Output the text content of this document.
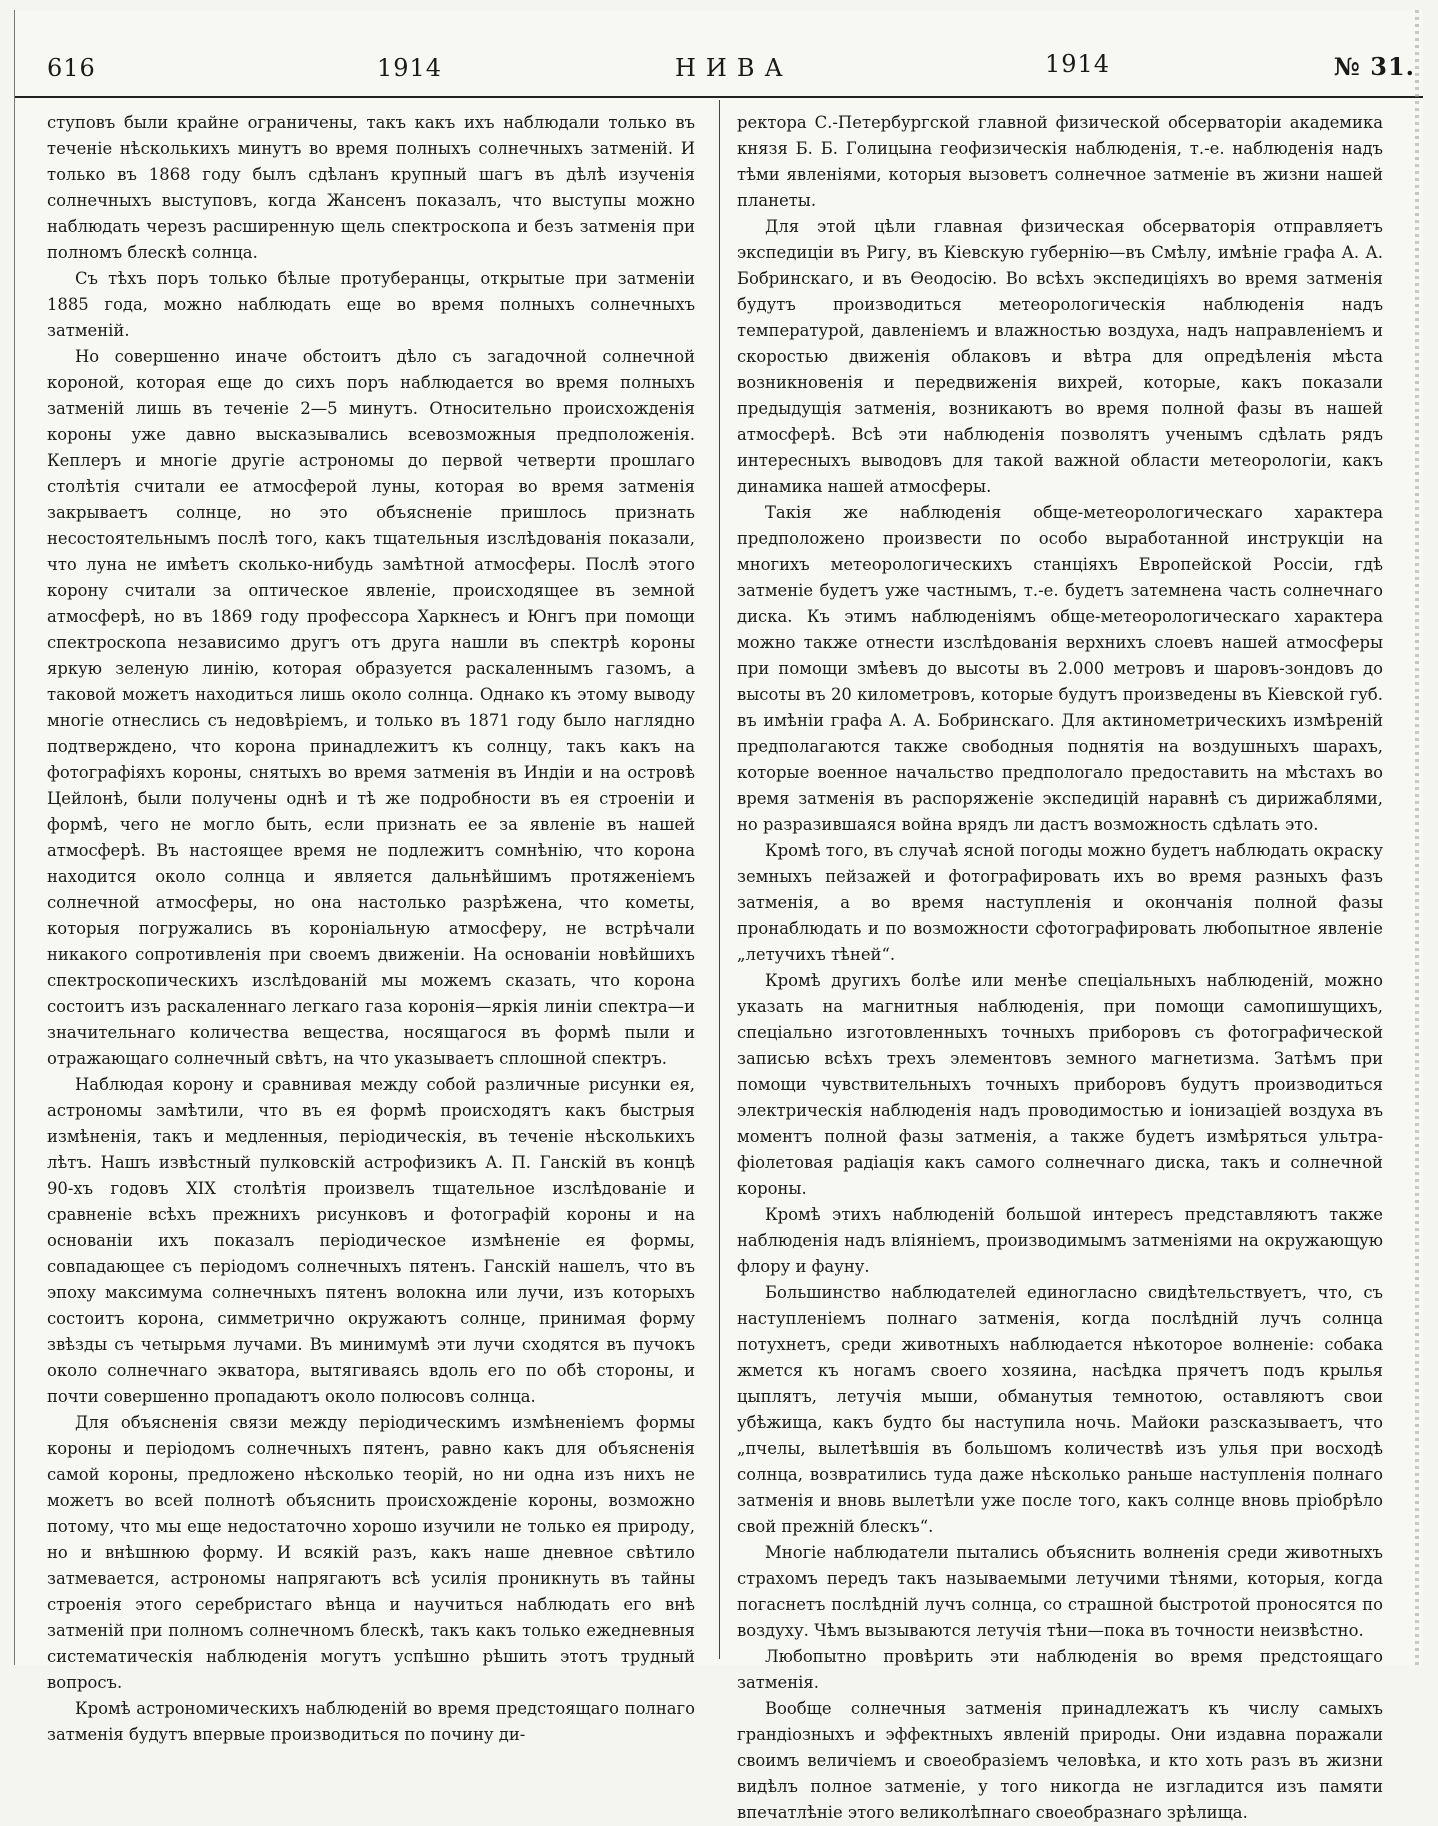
616	1914	НИВА	1914	№ 31.

ступовъ были крайне ограничены, такъ какъ ихъ наблюдали только въ теченіе нѣсколькихъ минутъ во время полныхъ солнечныхъ затменій. И только въ 1868 году былъ сдѣланъ крупный шагъ въ дѣлѣ изученія солнечныхъ выступовъ, когда Жансенъ показалъ, что выступы можно наблюдать черезъ расширенную щель спектроскопа и безъ затменія при полномъ блескѣ солнца.

Съ тѣхъ поръ только бѣлые протуберанцы, открытые при затменіи 1885 года, можно наблюдать еще во время полныхъ солнечныхъ затменій.

Но совершенно иначе обстоитъ дѣло съ загадочной солнечной короной, которая еще до сихъ поръ наблюдается во время полныхъ затменій лишь въ теченіе 2—5 минутъ. Относительно происхожденія короны уже давно высказывались всевозможныя предположенія. Кеплеръ и многіе другіе астрономы до первой четверти прошлаго столѣтія считали ее атмосферой луны, которая во время затменія закрываетъ солнце, но это объясненіе пришлось признать несостоятельнымъ послѣ того, какъ тщательныя изслѣдованія показали, что луна не имѣетъ сколько-нибудь замѣтной атмосферы. Послѣ этого корону считали за оптическое явленіе, происходящее въ земной атмосферѣ, но въ 1869 году профессора Харкнесъ и Юнгъ при помощи спектроскопа независимо другъ отъ друга нашли въ спектрѣ короны яркую зеленую линію, которая образуется раскаленнымъ газомъ, а таковой можетъ находиться лишь около солнца. Однако къ этому выводу многіе отнеслись съ недовѣріемъ, и только въ 1871 году было наглядно подтверждено, что корона принадлежитъ къ солнцу, такъ какъ на фотографіяхъ короны, снятыхъ во время затменія въ Индіи и на островѣ Цейлонѣ, были получены однѣ и тѣ же подробности въ ея строеніи и формѣ, чего не могло быть, если признать ее за явленіе въ нашей атмосферѣ. Въ настоящее время не подлежитъ сомнѣнію, что корона находится около солнца и является дальнѣйшимъ протяженіемъ солнечной атмосферы, но она настолько разрѣжена, что кометы, которыя погружались въ короніальную атмосферу, не встрѣчали никакого сопротивленія при своемъ движеніи. На основаніи новѣйшихъ спектроскопическихъ изслѣдованій мы можемъ сказать, что корона состоитъ изъ раскаленнаго легкаго газа коронія—яркія линіи спектра—и значительнаго количества вещества, носящагося въ формѣ пыли и отражающаго солнечный свѣтъ, на что указываетъ сплошной спектръ.

Наблюдая корону и сравнивая между собой различные рисунки ея, астрономы замѣтили, что въ ея формѣ происходятъ какъ быстрыя измѣненія, такъ и медленныя, періодическія, въ теченіе нѣсколькихъ лѣтъ. Нашъ извѣстный пулковскій астрофизикъ А. П. Ганскій въ концѣ 90-хъ годовъ XIX столѣтія произвелъ тщательное изслѣдованіе и сравненіе всѣхъ прежнихъ рисунковъ и фотографій короны и на основаніи ихъ показалъ періодическое измѣненіе ея формы, совпадающее съ періодомъ солнечныхъ пятенъ. Ганскій нашелъ, что въ эпоху максимума солнечныхъ пятенъ волокна или лучи, изъ которыхъ состоитъ корона, симметрично окружаютъ солнце, принимая форму звѣзды съ четырьмя лучами. Въ минимумѣ эти лучи сходятся въ пучокъ около солнечнаго экватора, вытягиваясь вдоль его по обѣ стороны, и почти совершенно пропадаютъ около полюсовъ солнца.

Для объясненія связи между періодическимъ измѣненіемъ формы короны и періодомъ солнечныхъ пятенъ, равно какъ для объясненія самой короны, предложено нѣсколько теорій, но ни одна изъ нихъ не можетъ во всей полнотѣ объяснить происхожденіе короны, возможно потому, что мы еще недостаточно хорошо изучили не только ея природу, но и внѣшнюю форму. И всякій разъ, какъ наше дневное свѣтило затмевается, астрономы напрягаютъ всѣ усилія проникнуть въ тайны строенія этого серебристаго вѣнца и научиться наблюдать его внѣ затменій при полномъ солнечномъ блескѣ, такъ какъ только ежедневныя систематическія наблюденія могутъ успѣшно рѣшить этотъ трудный вопросъ.

Кромѣ астрономическихъ наблюденій во время предстоящаго полнаго затменія будутъ впервые производиться по почину ди-

ректора С.-Петербургской главной физической обсерваторіи академика князя Б. Б. Голицына геофизическія наблюденія, т.-е. наблюденія надъ тѣми явленіями, которыя вызоветъ солнечное затменіе въ жизни нашей планеты.

Для этой цѣли главная физическая обсерваторія отправляетъ экспедиціи въ Ригу, въ Кіевскую губернію—въ Смѣлу, имѣніе графа А. А. Бобринскаго, и въ Ѳеодосію. Во всѣхъ экспедиціяхъ во время затменія будутъ производиться метеорологическія наблюденія надъ температурой, давленіемъ и влажностью воздуха, надъ направленіемъ и скоростью движенія облаковъ и вѣтра для опредѣленія мѣста возникновенія и передвиженія вихрей, которые, какъ показали предыдущія затменія, возникаютъ во время полной фазы въ нашей атмосферѣ. Всѣ эти наблюденія позволятъ ученымъ сдѣлать рядъ интересныхъ выводовъ для такой важной области метеорологіи, какъ динамика нашей атмосферы.

Такія же наблюденія обще-метеорологическаго характера предположено произвести по особо выработанной инструкціи на многихъ метеорологическихъ станціяхъ Европейской Россіи, гдѣ затменіе будетъ уже частнымъ, т.-е. будетъ затемнена часть солнечнаго диска. Къ этимъ наблюденіямъ обще-метеорологическаго характера можно также отнести изслѣдованія верхнихъ слоевъ нашей атмосферы при помощи змѣевъ до высоты въ 2.000 метровъ и шаровъ-зондовъ до высоты въ 20 километровъ, которые будутъ произведены въ Кіевской губ. въ имѣніи графа А. А. Бобринскаго. Для актинометрическихъ измѣреній предполагаются также свободныя поднятія на воздушныхъ шарахъ, которые военное начальство предпологало предоставить на мѣстахъ во время затменія въ распоряженіе экспедицій наравнѣ съ дирижаблями, но разразившаяся война врядъ ли дастъ возможность сдѣлать это.

Кромѣ того, въ случаѣ ясной погоды можно будетъ наблюдать окраску земныхъ пейзажей и фотографировать ихъ во время разныхъ фазъ затменія, а во время наступленія и окончанія полной фазы пронаблюдать и по возможности сфотографировать любопытное явленіе „летучихъ тѣней“.

Кромѣ другихъ болѣе или менѣе спеціальныхъ наблюденій, можно указать на магнитныя наблюденія, при помощи самопишущихъ, спеціально изготовленныхъ точныхъ приборовъ съ фотографической записью всѣхъ трехъ элементовъ земного магнетизма. Затѣмъ при помощи чувствительныхъ точныхъ приборовъ будутъ производиться электрическія наблюденія надъ проводимостью и іонизаціей воздуха въ моментъ полной фазы затменія, а также будетъ измѣряться ультра-фіолетовая радіація какъ самого солнечнаго диска, такъ и солнечной короны.

Кромѣ этихъ наблюденій большой интересъ представляютъ также наблюденія надъ вліяніемъ, производимымъ затменіями на окружающую флору и фауну.

Большинство наблюдателей единогласно свидѣтельствуетъ, что, съ наступленіемъ полнаго затменія, когда послѣдній лучъ солнца потухнетъ, среди животныхъ наблюдается нѣкоторое волненіе: собака жмется къ ногамъ своего хозяина, насѣдка прячетъ подъ крылья цыплятъ, летучія мыши, обманутыя темнотою, оставляютъ свои убѣжища, какъ будто бы наступила ночь. Майоки разсказываетъ, что „пчелы, вылетѣвшія въ большомъ количествѣ изъ улья при восходѣ солнца, возвратились туда даже нѣсколько раньше наступленія полнаго затменія и вновь вылетѣли уже после того, какъ солнце вновь пріобрѣло свой прежній блескъ“.

Многіе наблюдатели пытались объяснить волненія среди животныхъ страхомъ передъ такъ называемыми летучими тѣнями, которыя, когда погаснетъ послѣдній лучъ солнца, со страшной быстротой проносятся по воздуху. Чѣмъ вызываются летучія тѣни—пока въ точности неизвѣстно.

Любопытно провѣрить эти наблюденія во время предстоящаго затменія.

Вообще солнечныя затменія принадлежатъ къ числу самыхъ грандіозныхъ и эффектныхъ явленій природы. Они издавна поражали своимъ величіемъ и своеобразіемъ человѣка, и кто хоть разъ въ жизни видѣлъ полное затменіе, у того никогда не изгладится изъ памяти впечатлѣніе этого великолѣпнаго своеобразнаго зрѣлища.
